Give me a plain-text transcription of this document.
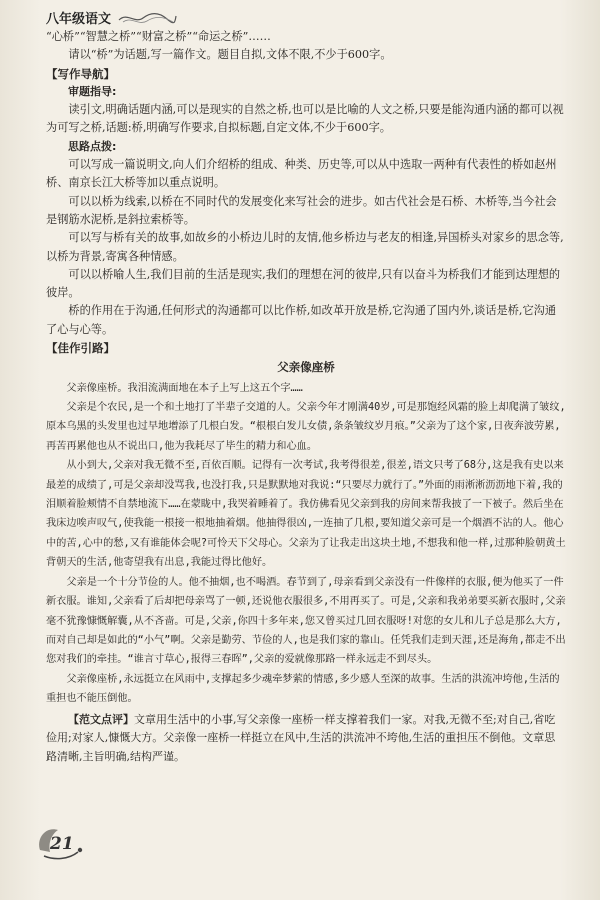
八年级语文

“心桥”“智慧之桥”“财富之桥”“命运之桥”……

请以“桥”为话题,写一篇作文。题目自拟,文体不限,不少于600字。

【写作导航】

审题指导:

读引文,明确话题内涵,可以是现实的自然之桥,也可以是比喻的人文之桥,只要是能沟通内涵的都可以视为可写之桥,话题:桥,明确写作要求,自拟标题,自定文体,不少于600字。

思路点拨:

可以写成一篇说明文,向人们介绍桥的组成、种类、历史等,可以从中选取一两种有代表性的桥如赵州桥、南京长江大桥等加以重点说明。

可以以桥为线索,以桥在不同时代的发展变化来写社会的进步。如古代社会是石桥、木桥等,当今社会是钢筋水泥桥,是斜拉索桥等。

可以写与桥有关的故事,如故乡的小桥边儿时的友情,他乡桥边与老友的相逢,异国桥头对家乡的思念等,以桥为背景,寄寓各种情感。

可以以桥喻人生,我们目前的生活是现实,我们的理想在河的彼岸,只有以奋斗为桥我们才能到达理想的彼岸。

桥的作用在于沟通,任何形式的沟通都可以比作桥,如改革开放是桥,它沟通了国内外,谈话是桥,它沟通了心与心等。

【佳作引路】

父亲像座桥

父亲像座桥。我泪流满面地在本子上写上这五个字……

父亲是个农民,是一个和土地打了半辈子交道的人。父亲今年才刚满40岁,可是那饱经风霜的脸上却爬满了皱纹,原本乌黑的头发里也过早地增添了几根白发。“根根白发儿女债,条条皱纹岁月痕。”父亲为了这个家,日夜奔波劳累,再苦再累他也从不说出口,他为我耗尽了毕生的精力和心血。

从小到大,父亲对我无微不至,百依百顺。记得有一次考试,我考得很差,很差,语文只考了68分,这是我有史以来最差的成绩了,可是父亲却没骂我,也没打我,只是默默地对我说:“只要尽力就行了。”外面的雨淅淅沥沥地下着,我的泪顺着脸颊情不自禁地流下……在蒙眬中,我哭着睡着了。我仿佛看见父亲到我的房间来帮我披了一下被子。然后坐在我床边唉声叹气,使我能一根接一根地抽着烟。他抽得很凶,一连抽了几根,要知道父亲可是一个烟酒不沾的人。他心中的苦,心中的愁,又有谁能体会呢?可怜天下父母心。父亲为了让我走出这块土地,不想我和他一样,过那种脸朝黄土背朝天的生活,他寄望我有出息,我能过得比他好。

父亲是一个十分节俭的人。他不抽烟,也不喝酒。春节到了,母亲看到父亲没有一件像样的衣服,便为他买了一件新衣服。谁知,父亲看了后却把母亲骂了一顿,还说他衣服很多,不用再买了。可是,父亲和我弟弟要买新衣服时,父亲毫不犹豫慷慨解囊,从不吝啬。可是,父亲,你四十多年来,您又曾买过几回衣服呀!对您的女儿和儿子总是那么大方,而对自己却是如此的“小气”啊。父亲是勤劳、节俭的人,也是我们家的靠山。任凭我们走到天涯,还是海角,都走不出您对我们的牵挂。“谁言寸草心,报得三春晖”,父亲的爱就像那路一样永远走不到尽头。

父亲像座桥,永远挺立在风雨中,支撑起多少魂牵梦萦的情感,多少感人至深的故事。生活的洪流冲垮他,生活的重担也不能压倒他。

【范文点评】文章用生活中的小事,写父亲像一座桥一样支撑着我们一家。对我,无微不至;对自己,省吃俭用;对家人,慷慨大方。父亲像一座桥一样挺立在风中,生活的洪流冲不垮他,生活的重担压不倒他。文章思路清晰,主旨明确,结构严谨。

21
